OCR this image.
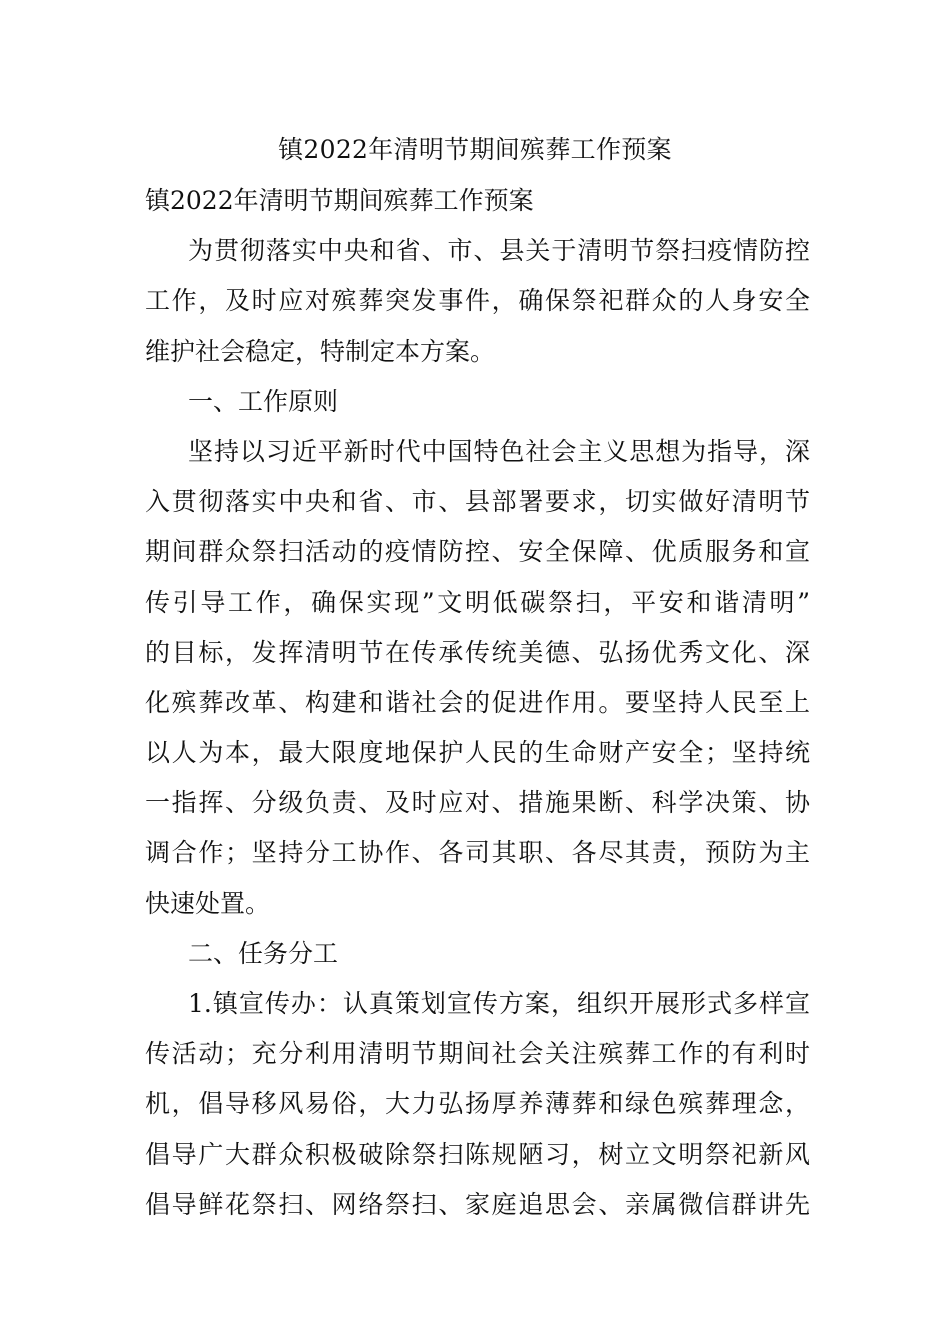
镇2022年清明节期间殡葬工作预案
镇2022年清明节期间殡葬工作预案
为贯彻落实中央和省、市、县关于清明节祭扫疫情防控
工作，及时应对殡葬突发事件，确保祭祀群众的人身安全
维护社会稳定，特制定本方案。
一、工作原则
坚持以习近平新时代中国特色社会主义思想为指导，深
入贯彻落实中央和省、市、县部署要求，切实做好清明节
期间群众祭扫活动的疫情防控、安全保障、优质服务和宣
传引导工作，确保实现”文明低碳祭扫，平安和谐清明”
的目标，发挥清明节在传承传统美德、弘扬优秀文化、深
化殡葬改革、构建和谐社会的促进作用。要坚持人民至上
以人为本，最大限度地保护人民的生命财产安全；坚持统
一指挥、分级负责、及时应对、措施果断、科学决策、协
调合作；坚持分工协作、各司其职、各尽其责，预防为主
快速处置。
二、任务分工
1.镇宣传办：认真策划宣传方案，组织开展形式多样宣
传活动；充分利用清明节期间社会关注殡葬工作的有利时
机，倡导移风易俗，大力弘扬厚养薄葬和绿色殡葬理念，
倡导广大群众积极破除祭扫陈规陋习，树立文明祭祀新风
倡导鲜花祭扫、网络祭扫、家庭追思会、亲属微信群讲先
